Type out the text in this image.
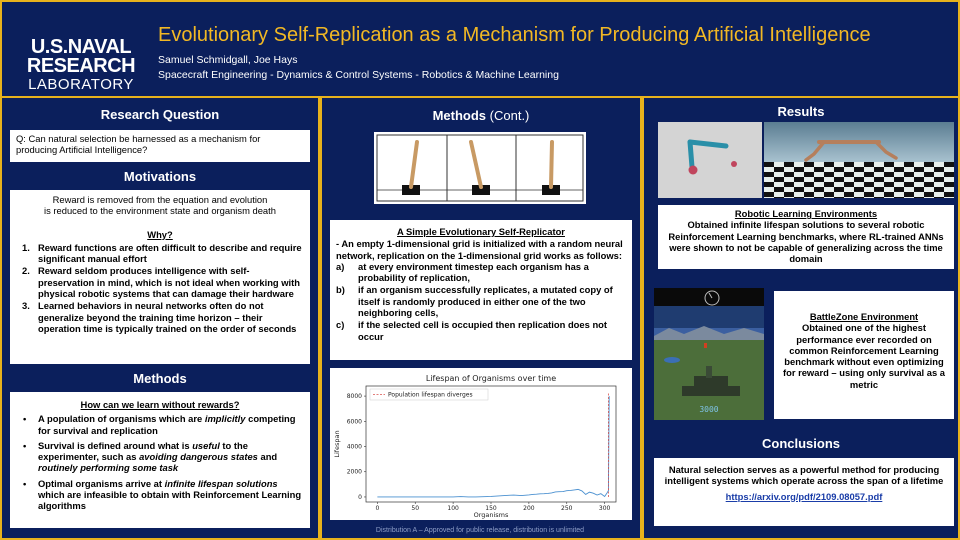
U.S.NAVAL
RESEARCH
LABORATORY
Evolutionary Self-Replication as a Mechanism for Producing Artificial Intelligence
Samuel Schmidgall, Joe Hays
Spacecraft Engineering - Dynamics & Control Systems - Robotics & Machine Learning
Research Question
Q: Can natural selection be harnessed as a mechanism for producing Artificial Intelligence?
Motivations
Reward is removed from the equation and evolution
is reduced to the environment state and organism death
Why?
1. Reward functions are often difficult to describe and require significant manual effort
2. Reward seldom produces intelligence with self-preservation in mind, which is not ideal when working with physical robotic systems that can damage their hardware
3. Learned behaviors in neural networks often do not generalize beyond the training time horizon – their operation time is typically trained on the order of seconds
Methods
How can we learn without rewards?
• A population of organisms which are implicitly competing for survival and replication
• Survival is defined around what is useful to the experimenter, such as avoiding dangerous states and routinely performing some task
• Optimal organisms arrive at infinite lifespan solutions which are infeasible to obtain with Reinforcement Learning algorithms
Methods (Cont.)
A Simple Evolutionary Self-Replicator
- An empty 1-dimensional grid is initialized with a random neural network, replication on the 1-dimensional grid works as follows:
a) at every environment timestep each organism has a probability of replication,
b) if an organism successfully replicates, a mutated copy of itself is randomly produced in either one of the two neighboring cells,
c) if the selected cell is occupied then replication does not occur
Lifespan of Organisms over time
Organisms
Lifespan
0	50	100	150	200	250	300
0
2000
4000
6000
8000	Population lifespan diverges
Results
Robotic Learning Environments
Obtained infinite lifespan solutions to several robotic Reinforcement Learning benchmarks, where RL-trained ANNs were shown to not be capable of generalizing across the time domain
3000
BattleZone Environment
Obtained one of the highest performance ever recorded on common Reinforcement Learning benchmark without even optimizing for reward – using only survival as a metric
Conclusions
Natural selection serves as a powerful method for producing intelligent systems which operate across the span of a lifetime
https://arxiv.org/pdf/2109.08057.pdf
Distribution A – Approved for public release, distribution is unlimited
